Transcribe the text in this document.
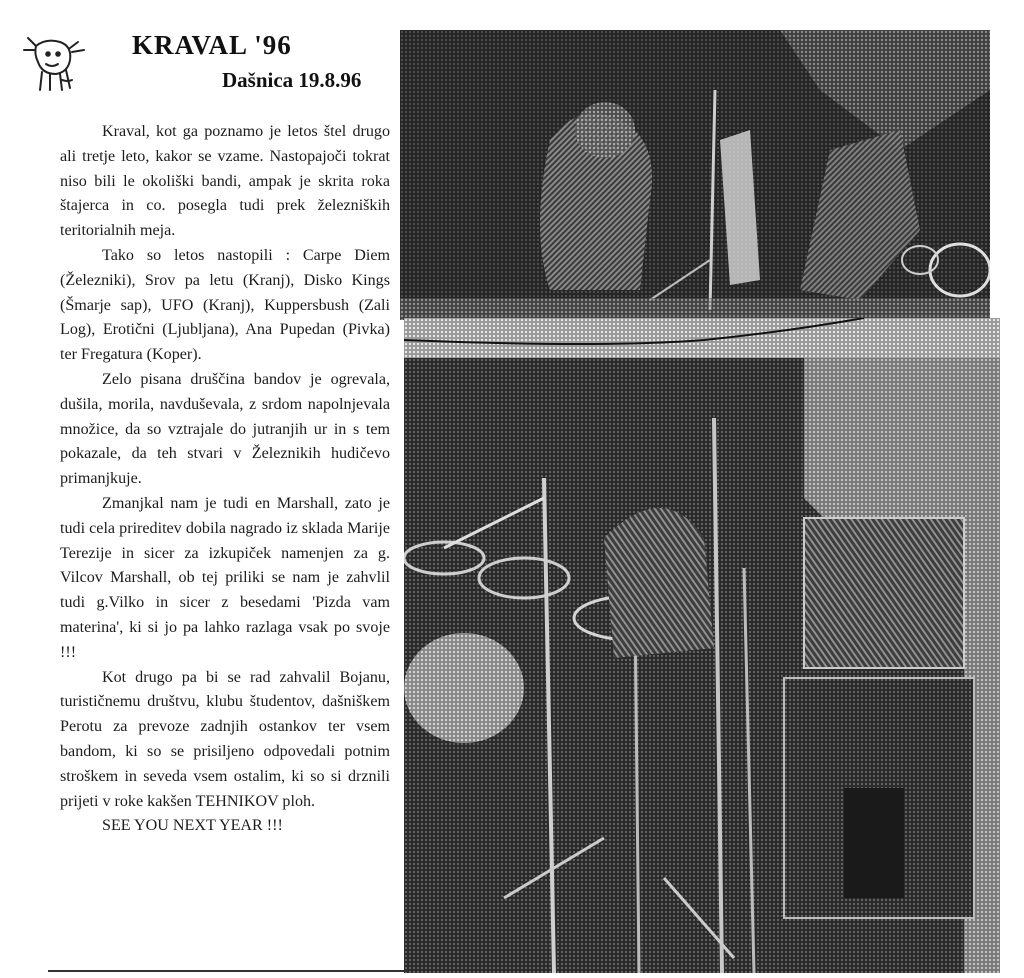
KRAVAL '96
Dašnica 19.8.96

Kraval, kot ga poznamo je letos štel drugo ali tretje leto, kakor se vzame. Nastopajoči tokrat niso bili le okoliški bandi, ampak je skrita roka štajerca in co. posegla tudi prek železniških teritorialnih meja.

Tako so letos nastopili : Carpe Diem (Železniki), Srov pa letu (Kranj), Disko Kings (Šmarje sap), UFO (Kranj), Kuppersbush (Zali Log), Erotični (Ljubljana), Ana Pupedan (Pivka) ter Fregatura (Koper).

Zelo pisana druščina bandov je ogrevala, dušila, morila, navduševala, z srdom napolnjevala množice, da so vztrajale do jutranjih ur in s tem pokazale, da teh stvari v Železnikih hudičevo primanjkuje.

Zmanjkal nam je tudi en Marshall, zato je tudi cela prireditev dobila nagrado iz sklada Marije Terezije in sicer za izkupiček namenjen za g. Vilcov Marshall, ob tej priliki se nam je zahvlil tudi g.Vilko in sicer z besedami 'Pizda vam materina', ki si jo pa lahko razlaga vsak po svoje !!!

Kot drugo pa bi se rad zahvalil Bojanu, turističnemu društvu, klubu študentov, dašniškem Perotu za prevoze zadnjih ostankov ter vsem bandom, ki so se prisiljeno odpovedali potnim stroškem in seveda vsem ostalim, ki so si drznili prijeti v roke kakšen TEHNIKOV ploh.

SEE YOU NEXT YEAR !!!
